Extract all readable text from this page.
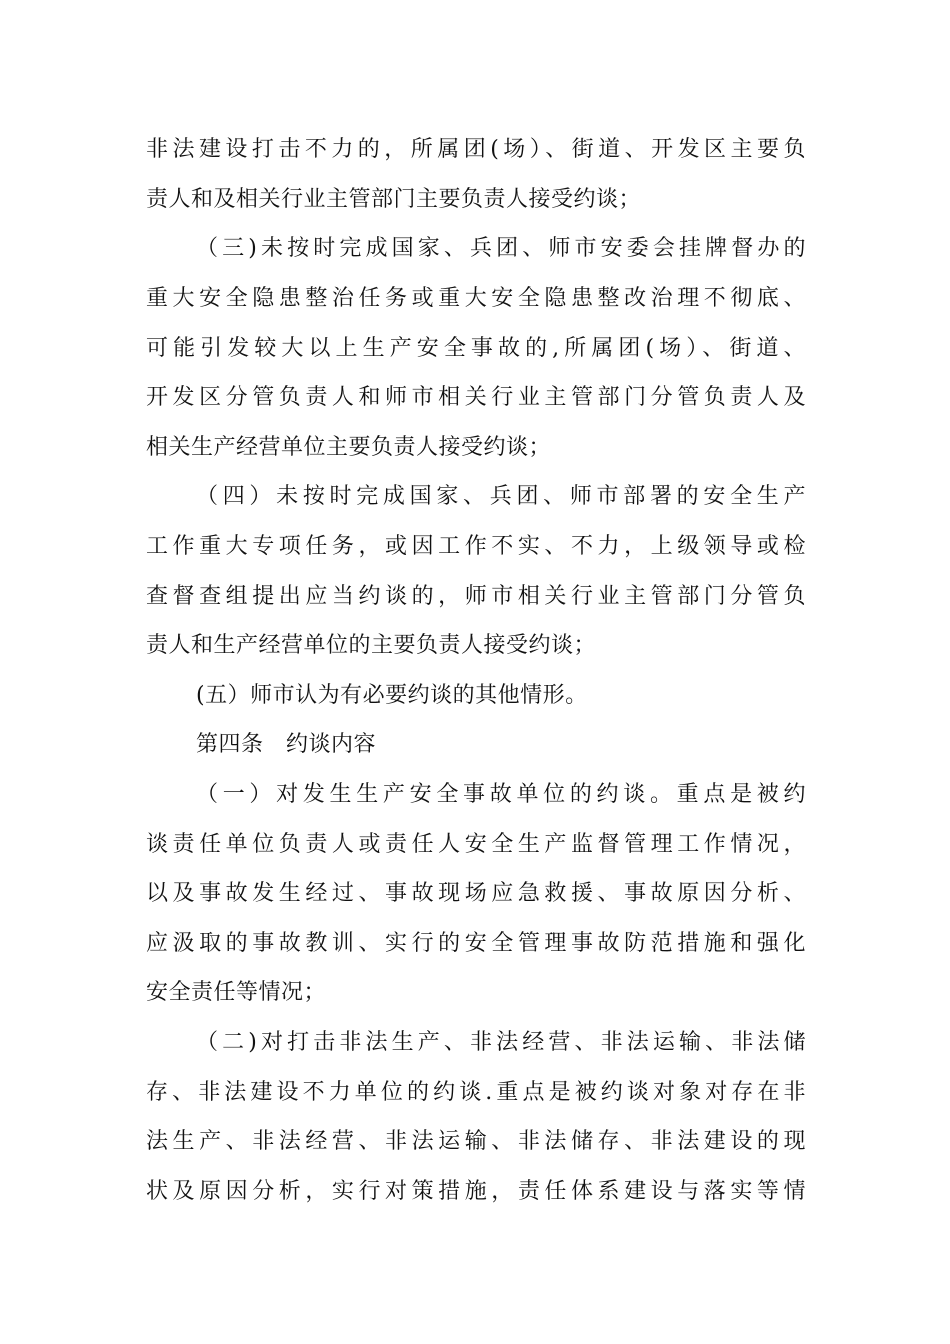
非法建设打击不力的，所属团(场）、街道、开发区主要负
责人和及相关行业主管部门主要负责人接受约谈；
（三)未按时完成国家、兵团、师市安委会挂牌督办的
重大安全隐患整治任务或重大安全隐患整改治理不彻底、
可能引发较大以上生产安全事故的,所属团(场）、街道、
开发区分管负责人和师市相关行业主管部门分管负责人及
相关生产经营单位主要负责人接受约谈；
（四）未按时完成国家、兵团、师市部署的安全生产
工作重大专项任务，或因工作不实、不力，上级领导或检
查督查组提出应当约谈的，师市相关行业主管部门分管负
责人和生产经营单位的主要负责人接受约谈；
(五）师市认为有必要约谈的其他情形。
第四条　约谈内容
（一）对发生生产安全事故单位的约谈。重点是被约
谈责任单位负责人或责任人安全生产监督管理工作情况，
以及事故发生经过、事故现场应急救援、事故原因分析、
应汲取的事故教训、实行的安全管理事故防范措施和强化
安全责任等情况；
（二)对打击非法生产、非法经营、非法运输、非法储
存、非法建设不力单位的约谈.重点是被约谈对象对存在非
法生产、非法经营、非法运输、非法储存、非法建设的现
状及原因分析，实行对策措施，责任体系建设与落实等情
